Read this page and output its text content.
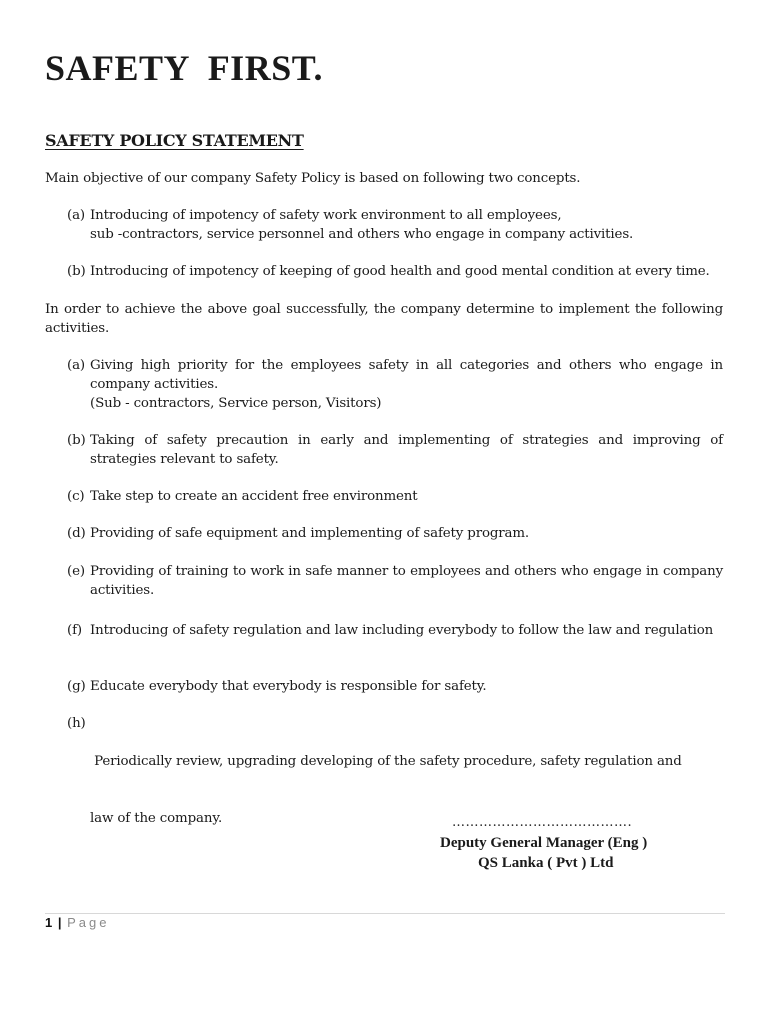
SAFETY  FIRST.
SAFETY POLICY STATEMENT

Main objective of our company Safety Policy is based on following two concepts.

(a) Introducing of impotency of safety work environment to all employees,
sub -contractors, service personnel and others who engage in company activities.
(b) Introducing of impotency of keeping of good health and good mental condition at every time.

In order to achieve the above goal successfully, the company determine to implement the following activities.

(a) Giving high priority for the employees safety in all categories and others who engage in company activities.
(Sub - contractors, Service person, Visitors)
(b) Taking of safety precaution in early and implementing of strategies and improving of strategies relevant to safety.
(c) Take step to create an accident free environment
(d) Providing of safe equipment and implementing of safety program.
(e) Providing of training to work in safe manner to employees and others who engage in company activities.
(f) Introducing of safety regulation and law including everybody to follow the law and regulation
(g) Educate everybody that everybody is responsible for safety.
(h)

Periodically review, upgrading developing of the safety procedure, safety regulation and

law of the company.

	………………………………….
Deputy General Manager (Eng )
QS Lanka ( Pvt ) Ltd
1 | Page
